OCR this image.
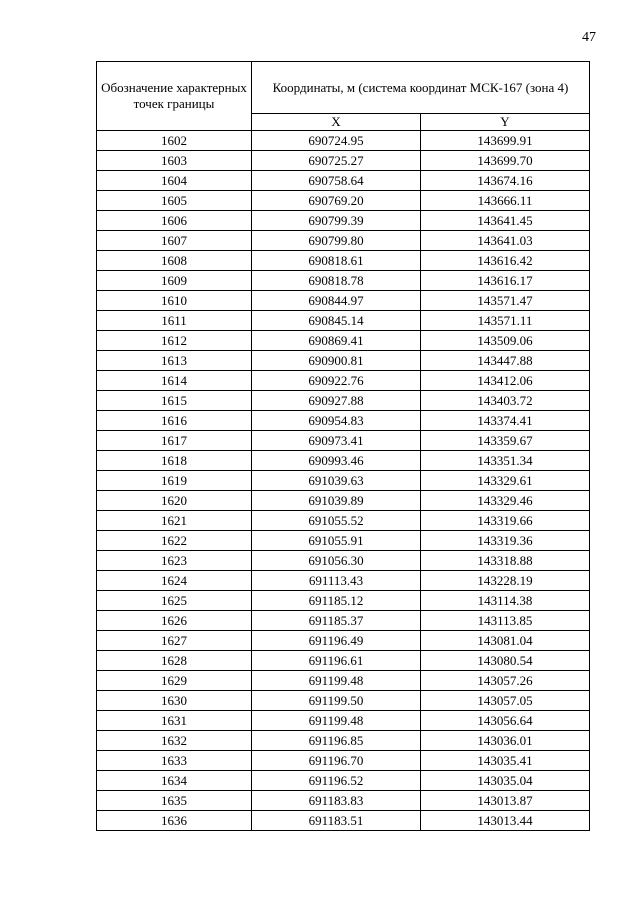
47
Обозначение характерных точек границы	Координаты, м (система координат МСК-167 (зона 4)	
	X	Y
1602	690724.95	143699.91
1603	690725.27	143699.70
1604	690758.64	143674.16
1605	690769.20	143666.11
1606	690799.39	143641.45
1607	690799.80	143641.03
1608	690818.61	143616.42
1609	690818.78	143616.17
1610	690844.97	143571.47
1611	690845.14	143571.11
1612	690869.41	143509.06
1613	690900.81	143447.88
1614	690922.76	143412.06
1615	690927.88	143403.72
1616	690954.83	143374.41
1617	690973.41	143359.67
1618	690993.46	143351.34
1619	691039.63	143329.61
1620	691039.89	143329.46
1621	691055.52	143319.66
1622	691055.91	143319.36
1623	691056.30	143318.88
1624	691113.43	143228.19
1625	691185.12	143114.38
1626	691185.37	143113.85
1627	691196.49	143081.04
1628	691196.61	143080.54
1629	691199.48	143057.26
1630	691199.50	143057.05
1631	691199.48	143056.64
1632	691196.85	143036.01
1633	691196.70	143035.41
1634	691196.52	143035.04
1635	691183.83	143013.87
1636	691183.51	143013.44
